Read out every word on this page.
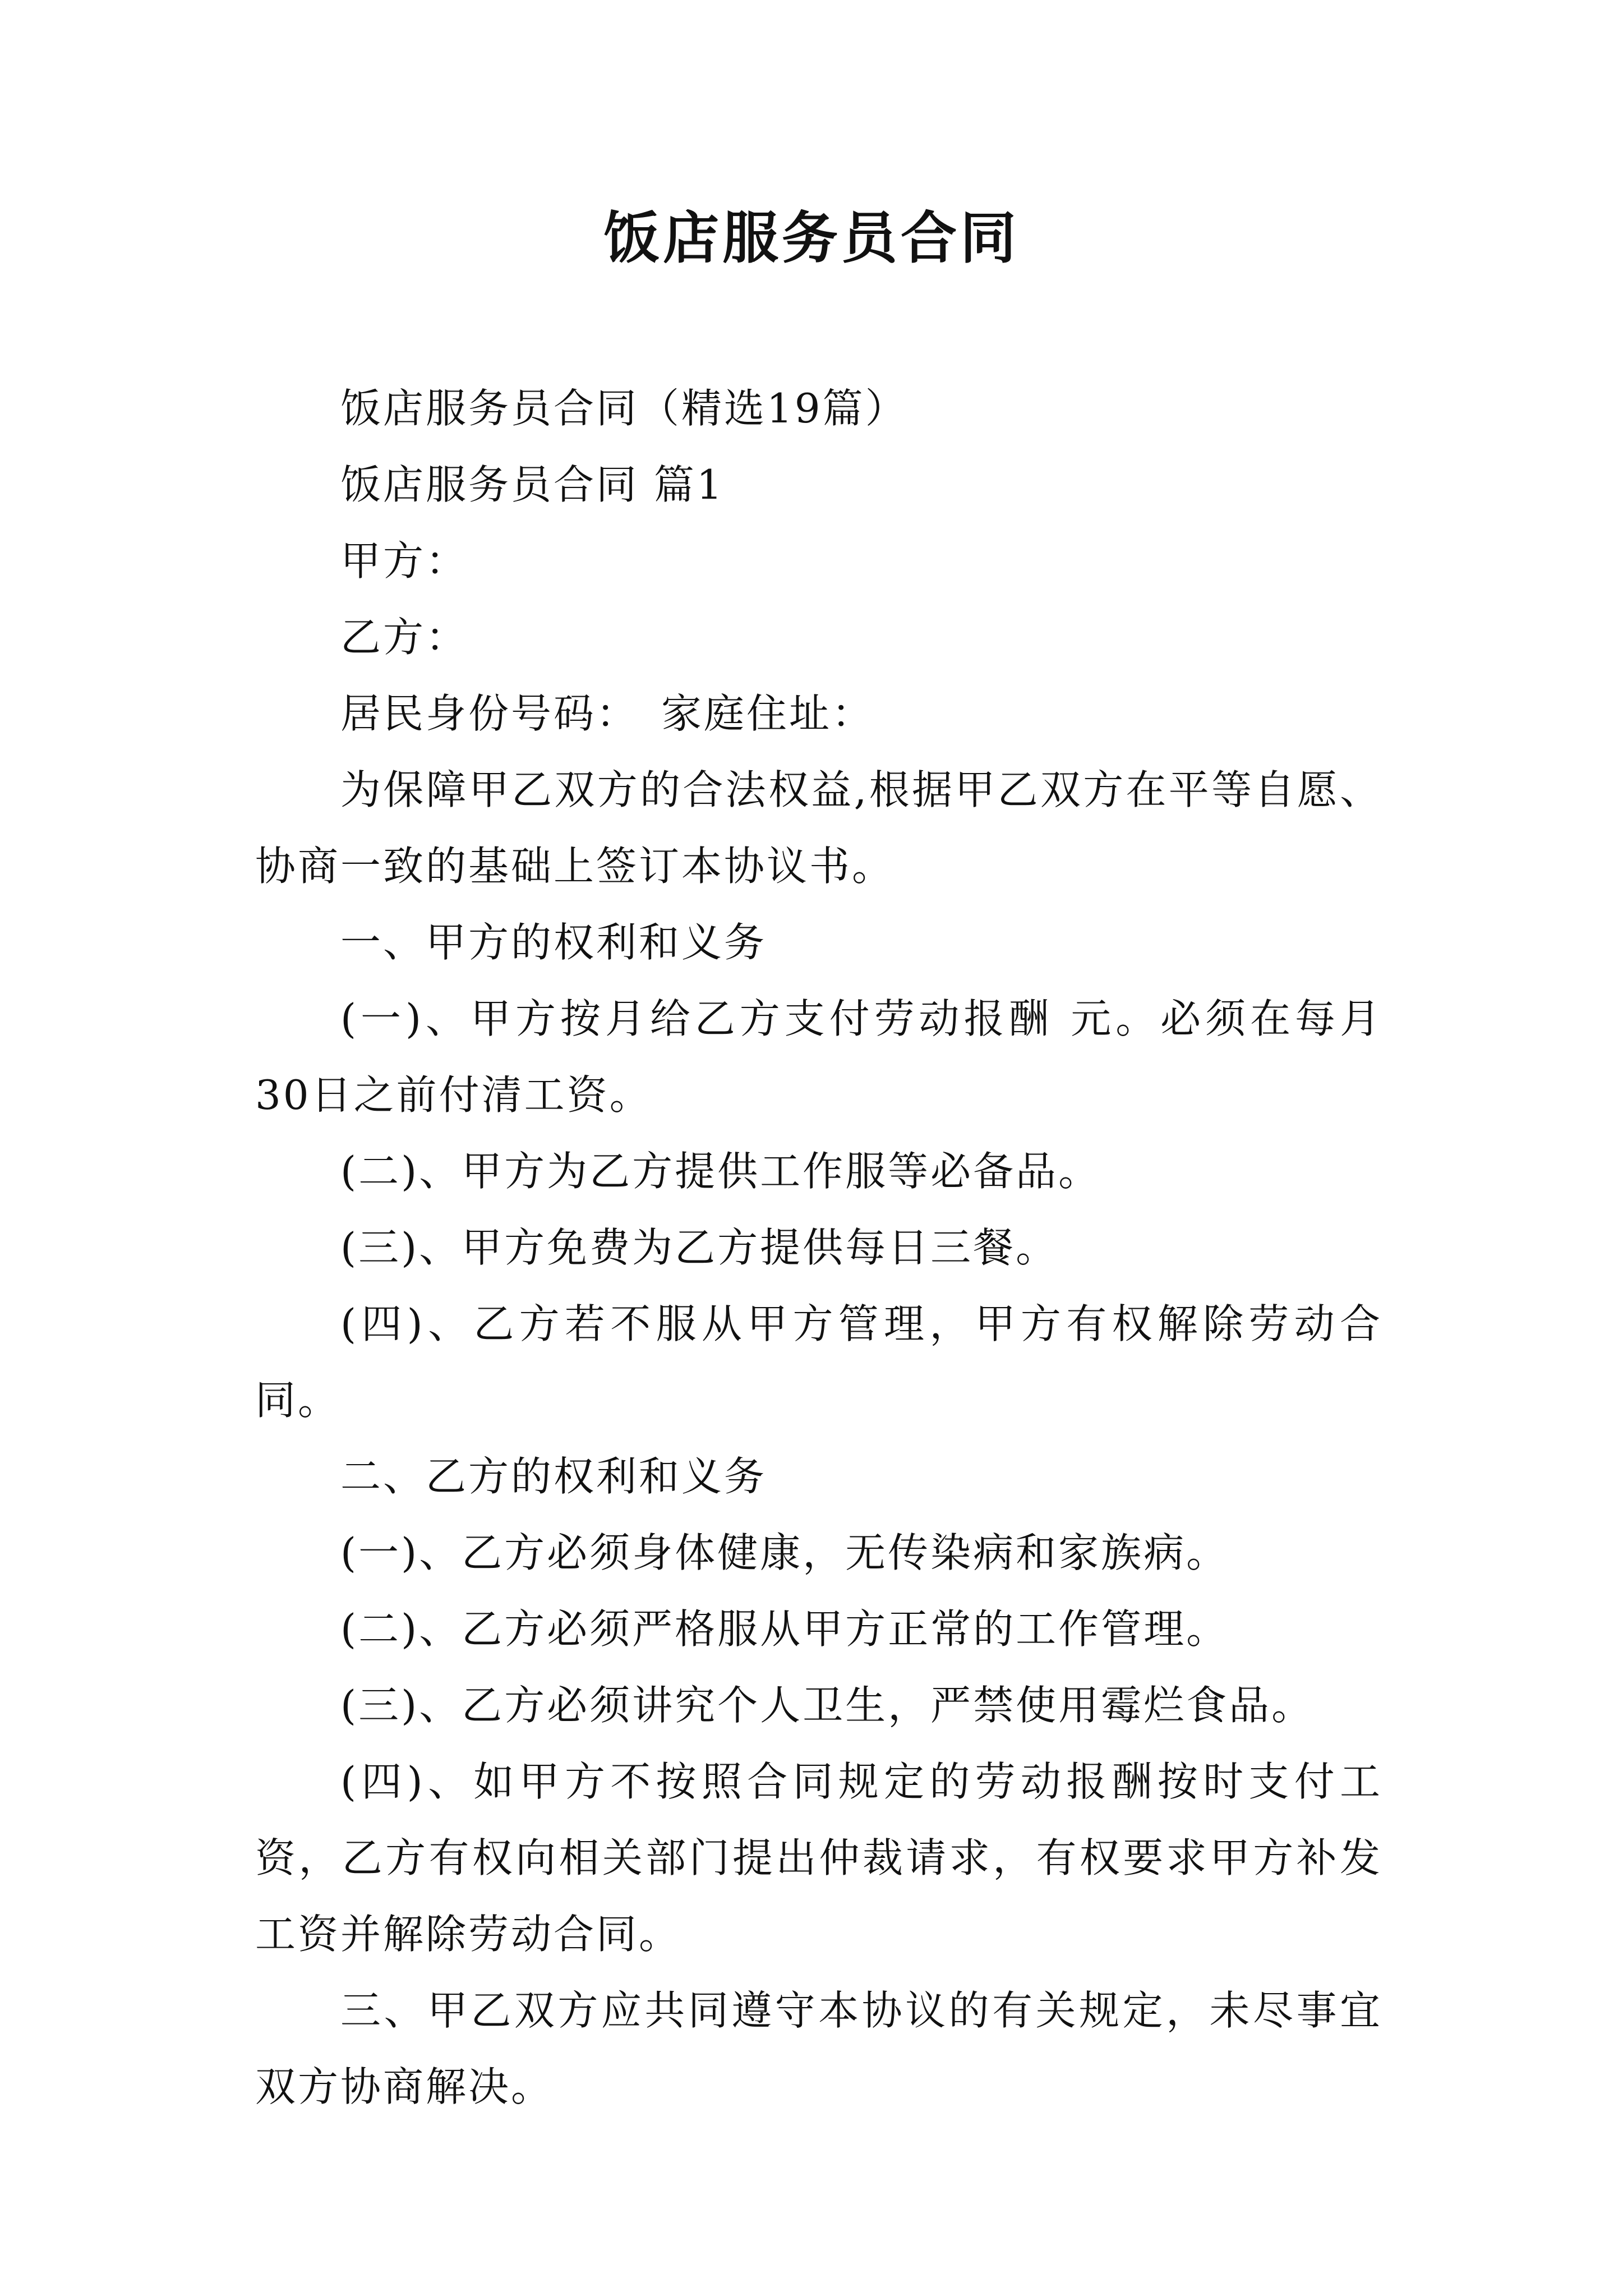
饭店服务员合同

饭店服务员合同（精选19篇）

饭店服务员合同 篇1

甲方：

乙方：

居民身份号码：　家庭住址：

为保障甲乙双方的合法权益,根据甲乙双方在平等自愿、协商一致的基础上签订本协议书。

一、甲方的权利和义务

(一)、甲方按月给乙方支付劳动报酬 元。必须在每月30日之前付清工资。

(二)、甲方为乙方提供工作服等必备品。

(三)、甲方免费为乙方提供每日三餐。

(四)、乙方若不服从甲方管理，甲方有权解除劳动合同。

二、乙方的权利和义务

(一)、乙方必须身体健康，无传染病和家族病。

(二)、乙方必须严格服从甲方正常的工作管理。

(三)、乙方必须讲究个人卫生，严禁使用霉烂食品。

(四)、如甲方不按照合同规定的劳动报酬按时支付工资，乙方有权向相关部门提出仲裁请求，有权要求甲方补发工资并解除劳动合同。

三、甲乙双方应共同遵守本协议的有关规定，未尽事宜双方协商解决。
